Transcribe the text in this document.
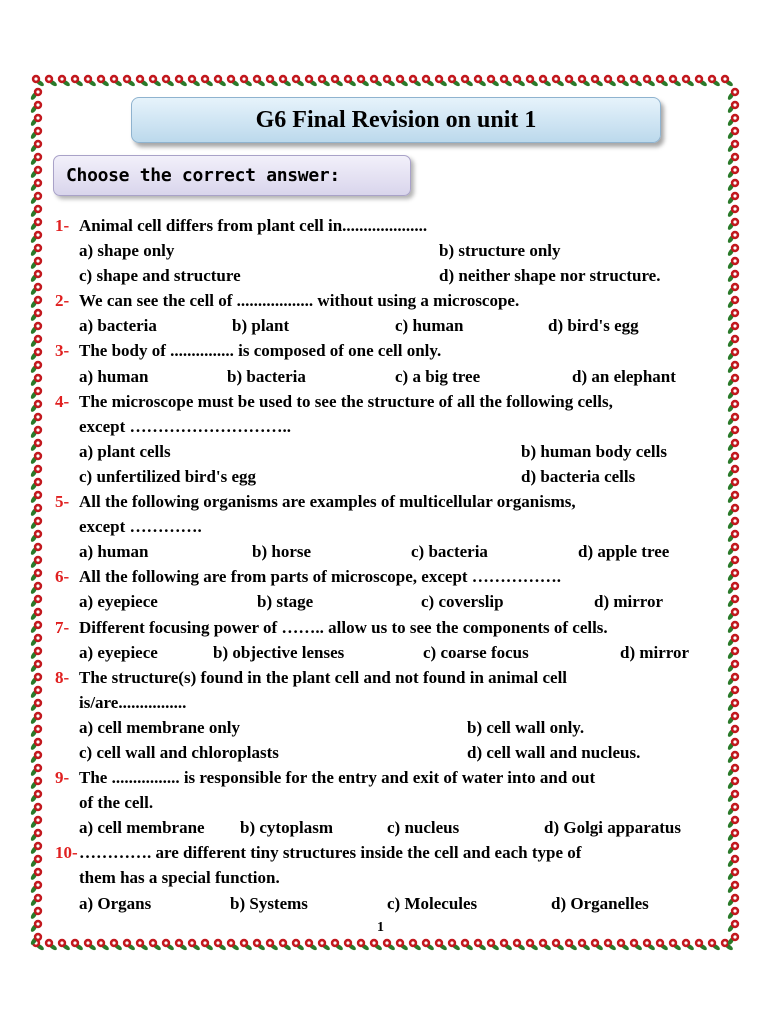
G6 Final Revision on unit 1
Choose the correct answer:
1- Animal cell differs from plant cell in....................
a) shape only	b) structure only
c) shape and structure	d) neither shape nor structure.
2- We can see the cell of .................. without using a microscope.
a) bacteria	b) plant	c) human	d) bird's egg
3- The body of ............... is composed of one cell only.
a) human	b) bacteria	c) a big tree	d) an elephant
4- The microscope must be used to see the structure of all the following cells,
except ………………………..
a) plant cells	b) human body cells
c) unfertilized bird's egg	d) bacteria cells
5- All the following organisms are examples of multicellular organisms,
except ………….
a) human	b) horse	c) bacteria	d) apple tree
6- All the following are from parts of microscope, except …………….
a) eyepiece	b) stage	c) coverslip	d) mirror
7- Different focusing power of …….. allow us to see the components of cells.
a) eyepiece	b) objective lenses	c) coarse focus	d) mirror
8- The structure(s) found in the plant cell and not found in animal cell
is/are................
a) cell membrane only	b) cell wall only.
c) cell wall and chloroplasts	d) cell wall and nucleus.
9- The ................ is responsible for the entry and exit of water into and out
of the cell.
a) cell membrane b) cytoplasm	c) nucleus	d) Golgi apparatus
10- …………. are different tiny structures inside the cell and each type of
them has a special function.
a) Organs	b) Systems	c) Molecules	d) Organelles
1
